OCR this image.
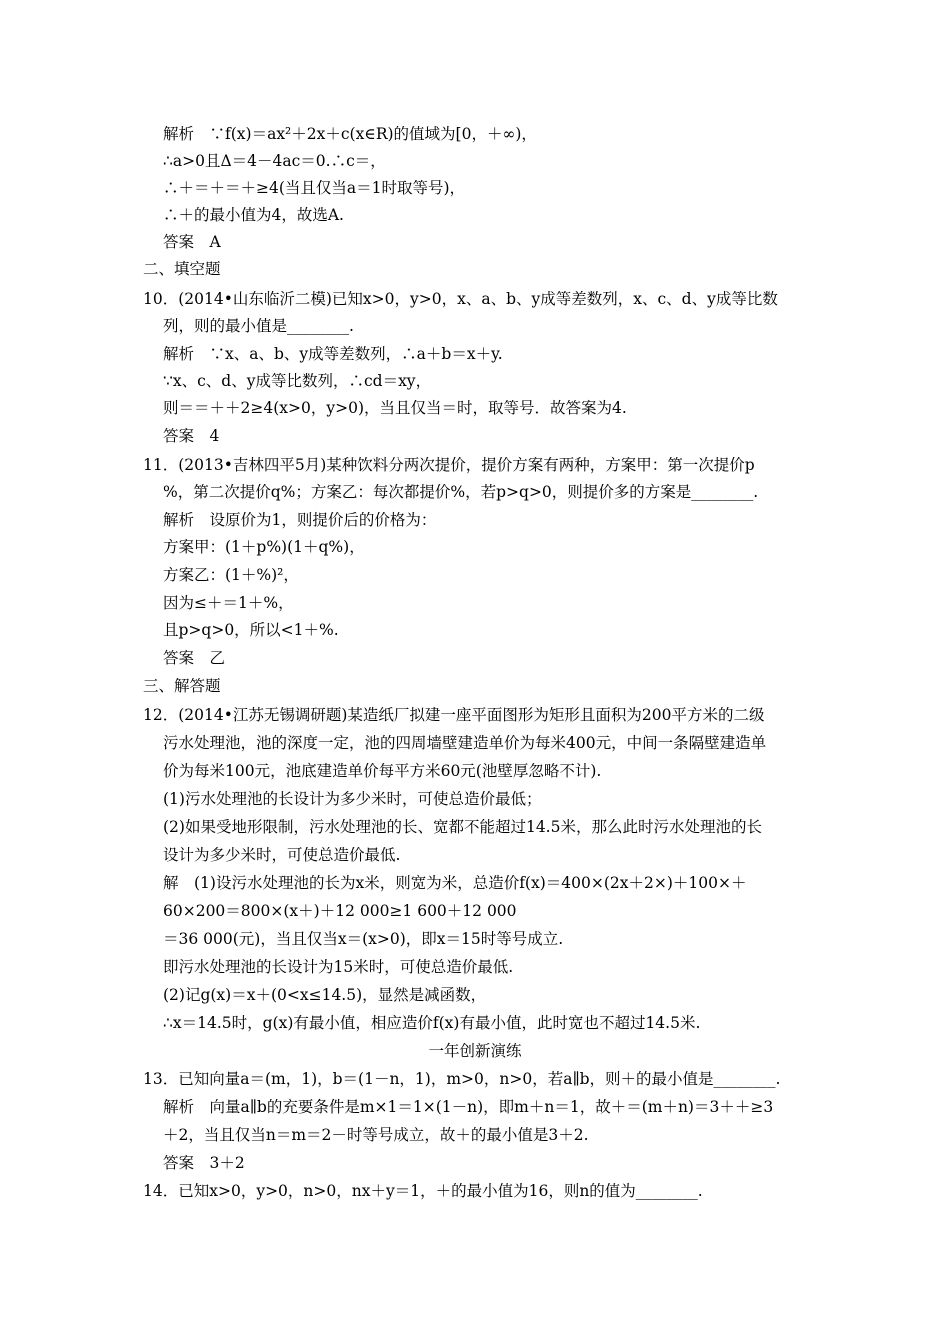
解析　∵f(x)＝ax²＋2x＋c(x∈R)的值域为[0，＋∞)，
∴a>0且Δ＝4－4ac＝0.∴c＝，
∴＋＝＋＝＋≥4(当且仅当a＝1时取等号)，
∴＋的最小值为4，故选A.
答案　A
二、填空题
10．(2014•山东临沂二模)已知x>0，y>0，x、a、b、y成等差数列，x、c、d、y成等比数
列，则的最小值是________.
解析　∵x、a、b、y成等差数列，∴a＋b＝x＋y.
∵x、c、d、y成等比数列，∴cd＝xy，
则＝＝＋＋2≥4(x>0，y>0)，当且仅当＝时，取等号．故答案为4.
答案　4
11．(2013•吉林四平5月)某种饮料分两次提价，提价方案有两种，方案甲：第一次提价p
%，第二次提价q%；方案乙：每次都提价%，若p>q>0，则提价多的方案是________.
解析　设原价为1，则提价后的价格为：
方案甲：(1＋p%)(1＋q%)，
方案乙：(1＋%)²，
因为≤＋＝1＋%，
且p>q>0，所以<1＋%.
答案　乙
三、解答题
12．(2014•江苏无锡调研题)某造纸厂拟建一座平面图形为矩形且面积为200平方米的二级
污水处理池，池的深度一定，池的四周墙壁建造单价为每米400元，中间一条隔壁建造单
价为每米100元，池底建造单价每平方米60元(池壁厚忽略不计).
(1)污水处理池的长设计为多少米时，可使总造价最低；
(2)如果受地形限制，污水处理池的长、宽都不能超过14.5米，那么此时污水处理池的长
设计为多少米时，可使总造价最低.
解　(1)设污水处理池的长为x米，则宽为米，总造价f(x)＝400×(2x＋2×)＋100×＋
60×200＝800×(x＋)＋12 000≥1 600＋12 000
＝36 000(元)，当且仅当x＝(x>0)，即x＝15时等号成立.
即污水处理池的长设计为15米时，可使总造价最低.
(2)记g(x)＝x＋(0<x≤14.5)，显然是减函数，
∴x＝14.5时，g(x)有最小值，相应造价f(x)有最小值，此时宽也不超过14.5米.
一年创新演练
13．已知向量a＝(m，1)，b＝(1－n，1)，m>0，n>0，若a∥b，则＋的最小值是________.
解析　向量a∥b的充要条件是m×1＝1×(1－n)，即m＋n＝1，故＋＝(m＋n)＝3＋＋≥3
＋2，当且仅当n＝m＝2－时等号成立，故＋的最小值是3＋2.
答案　3＋2
14．已知x>0，y>0，n>0，nx＋y＝1，＋的最小值为16，则n的值为________.
